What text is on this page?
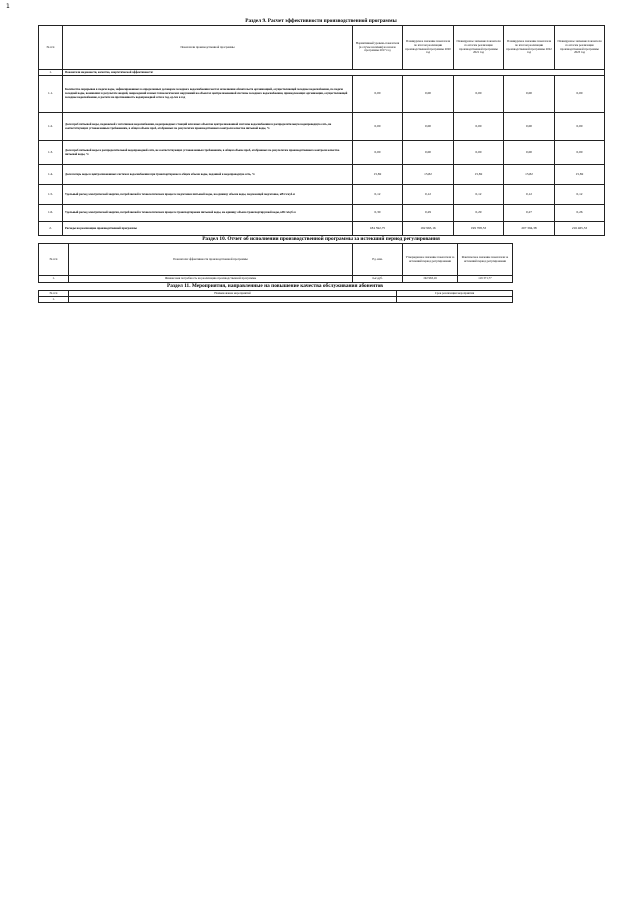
1

Раздел 9. Расчет эффективности производственной программы

№ п/п	Показатели производственной программы	Нормативный уровень показателя (в случае наличия) на начало программы 2017 год	Планируемое значение показателя по итогам реализации производственной программы 2020 год	Планируемое значение показателя по итогам реализации производственной программы 2021 год	Планируемое значение показателя по итогам реализации производственной программы 2022 год	Планируемое значение показателя по итогам реализации производственной программы 2023 год
1.	Показатели надежности, качества, энергетической эффективности:					
1.1.	Количество перерывов в подаче воды, зафиксированных в определенных договором холодного водоснабжения местах исполнения обязательств организацией, осуществляющей холодное водоснабжение, по подаче холодной воды, возникших в результате аварий, повреждений и иных технологических нарушений на объектах централизованной системы холодного водоснабжения, принадлежащих организации, осуществляющей холодное водоснабжение, в расчете на протяженность водопроводной сети в год, ед./км в год	0,00	0,00	0,00	0,00	0,00
1.2.	Доля проб питьевой воды, подаваемой с источников водоснабжения, водопроводных станций или иных объектов централизованной системы водоснабжения в распределительную водопроводную сеть, не соответствующих установленным требованиям, в общем объеме проб, отобранных по результатам производственного контроля качества питьевой воды, %	0,00	0,00	0,00	0,00	0,00
1.3.	Доля проб питьевой воды в распределительной водопроводной сети, не соответствующих установленным требованиям, в общем объеме проб, отобранных по результатам производственного контроля качества питьевой воды, %	0,00	0,00	0,00	0,00	0,00
1.4.	Доля потерь воды в централизованных системах водоснабжения при транспортировке в общем объеме воды, поданной в водопроводную сеть, %	15,82	15,82	15,82	15,82	15,82
1.5.	Удельный расход электрической энергии, потребляемой в технологическом процессе подготовки питьевой воды, на единицу объема воды, подлежащей подготовке, кВт.ч/куб.м	0,12	0,12	0,12	0,12	0,12
1.6.	Удельный расход электрической энергии, потребляемой в технологическом процессе транспортировки питьевой воды, на единицу объема транспортируемой воды, кВт.ч/куб.м	0,30	0,29	0,29	0,27	0,26
2.	Расходы на реализацию производственной программы	184 592,75	192 963,16	199 708,53	207 394,38	216 465,53

Раздел 10. Отчет об исполнении производственной программы за истекший период регулирования

№ п/п	Показатели эффективности производственной программы	Ед. изм.	Утвержденное значение показателя за истекший период регулирования	Фактическое значение показателя за истекший период регулирования
1.	Финансовая потребность на реализацию производственной программы	тыс.руб.	192 963,16	119 371,77

Раздел 11. Мероприятия, направленные на повышение качества обслуживания абонентов

№ п/п	Наименование мероприятий	Срок реализации мероприятия
1.		
